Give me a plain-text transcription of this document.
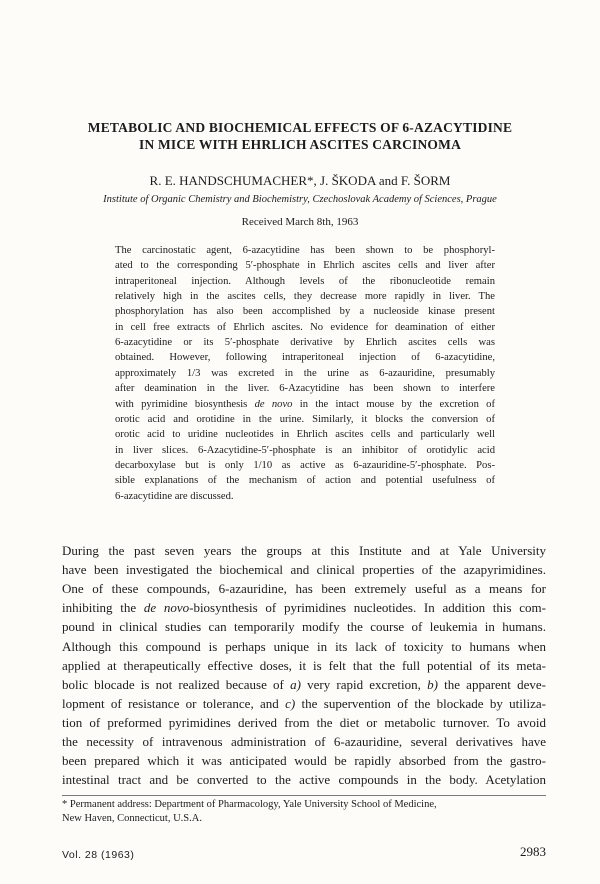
METABOLIC AND BIOCHEMICAL EFFECTS OF 6-AZACYTIDINE
IN MICE WITH EHRLICH ASCITES CARCINOMA
R. E. HANDSCHUMACHER*, J. ŠKODA and F. ŠORM
Institute of Organic Chemistry and Biochemistry, Czechoslovak Academy of Sciences, Prague
Received March 8th, 1963
The carcinostatic agent, 6-azacytidine has been shown to be phosphoryl-
ated to the corresponding 5′-phosphate in Ehrlich ascites cells and liver after
intraperitoneal injection. Although levels of the ribonucleotide remain
relatively high in the ascites cells, they decrease more rapidly in liver. The
phosphorylation has also been accomplished by a nucleoside kinase present
in cell free extracts of Ehrlich ascites. No evidence for deamination of either
6-azacytidine or its 5′-phosphate derivative by Ehrlich ascites cells was
obtained. However, following intraperitoneal injection of 6-azacytidine,
approximately 1/3 was excreted in the urine as 6-azauridine, presumably
after deamination in the liver. 6-Azacytidine has been shown to interfere
with pyrimidine biosynthesis de novo in the intact mouse by the excretion of
orotic acid and orotidine in the urine. Similarly, it blocks the conversion of
orotic acid to uridine nucleotides in Ehrlich ascites cells and particularly well
in liver slices. 6-Azacytidine-5′-phosphate is an inhibitor of orotidylic acid
decarboxylase but is only 1/10 as active as 6-azauridine-5′-phosphate. Pos-
sible explanations of the mechanism of action and potential usefulness of
6-azacytidine are discussed.
During the past seven years the groups at this Institute and at Yale University
have been investigated the biochemical and clinical properties of the azapyrimidines.
One of these compounds, 6-azauridine, has been extremely useful as a means for
inhibiting the de novo-biosynthesis of pyrimidines nucleotides. In addition this com-
pound in clinical studies can temporarily modify the course of leukemia in humans.
Although this compound is perhaps unique in its lack of toxicity to humans when
applied at therapeutically effective doses, it is felt that the full potential of its meta-
bolic blocade is not realized because of a) very rapid excretion, b) the apparent deve-
lopment of resistance or tolerance, and c) the supervention of the blockade by utiliza-
tion of preformed pyrimidines derived from the diet or metabolic turnover. To avoid
the necessity of intravenous administration of 6-azauridine, several derivatives have
been prepared which it was anticipated would be rapidly absorbed from the gastro-
intestinal tract and be converted to the active compounds in the body. Acetylation
* Permanent address: Department of Pharmacology, Yale University School of Medicine,
New Haven, Connecticut, U.S.A.
Vol. 28 (1963)	2983
